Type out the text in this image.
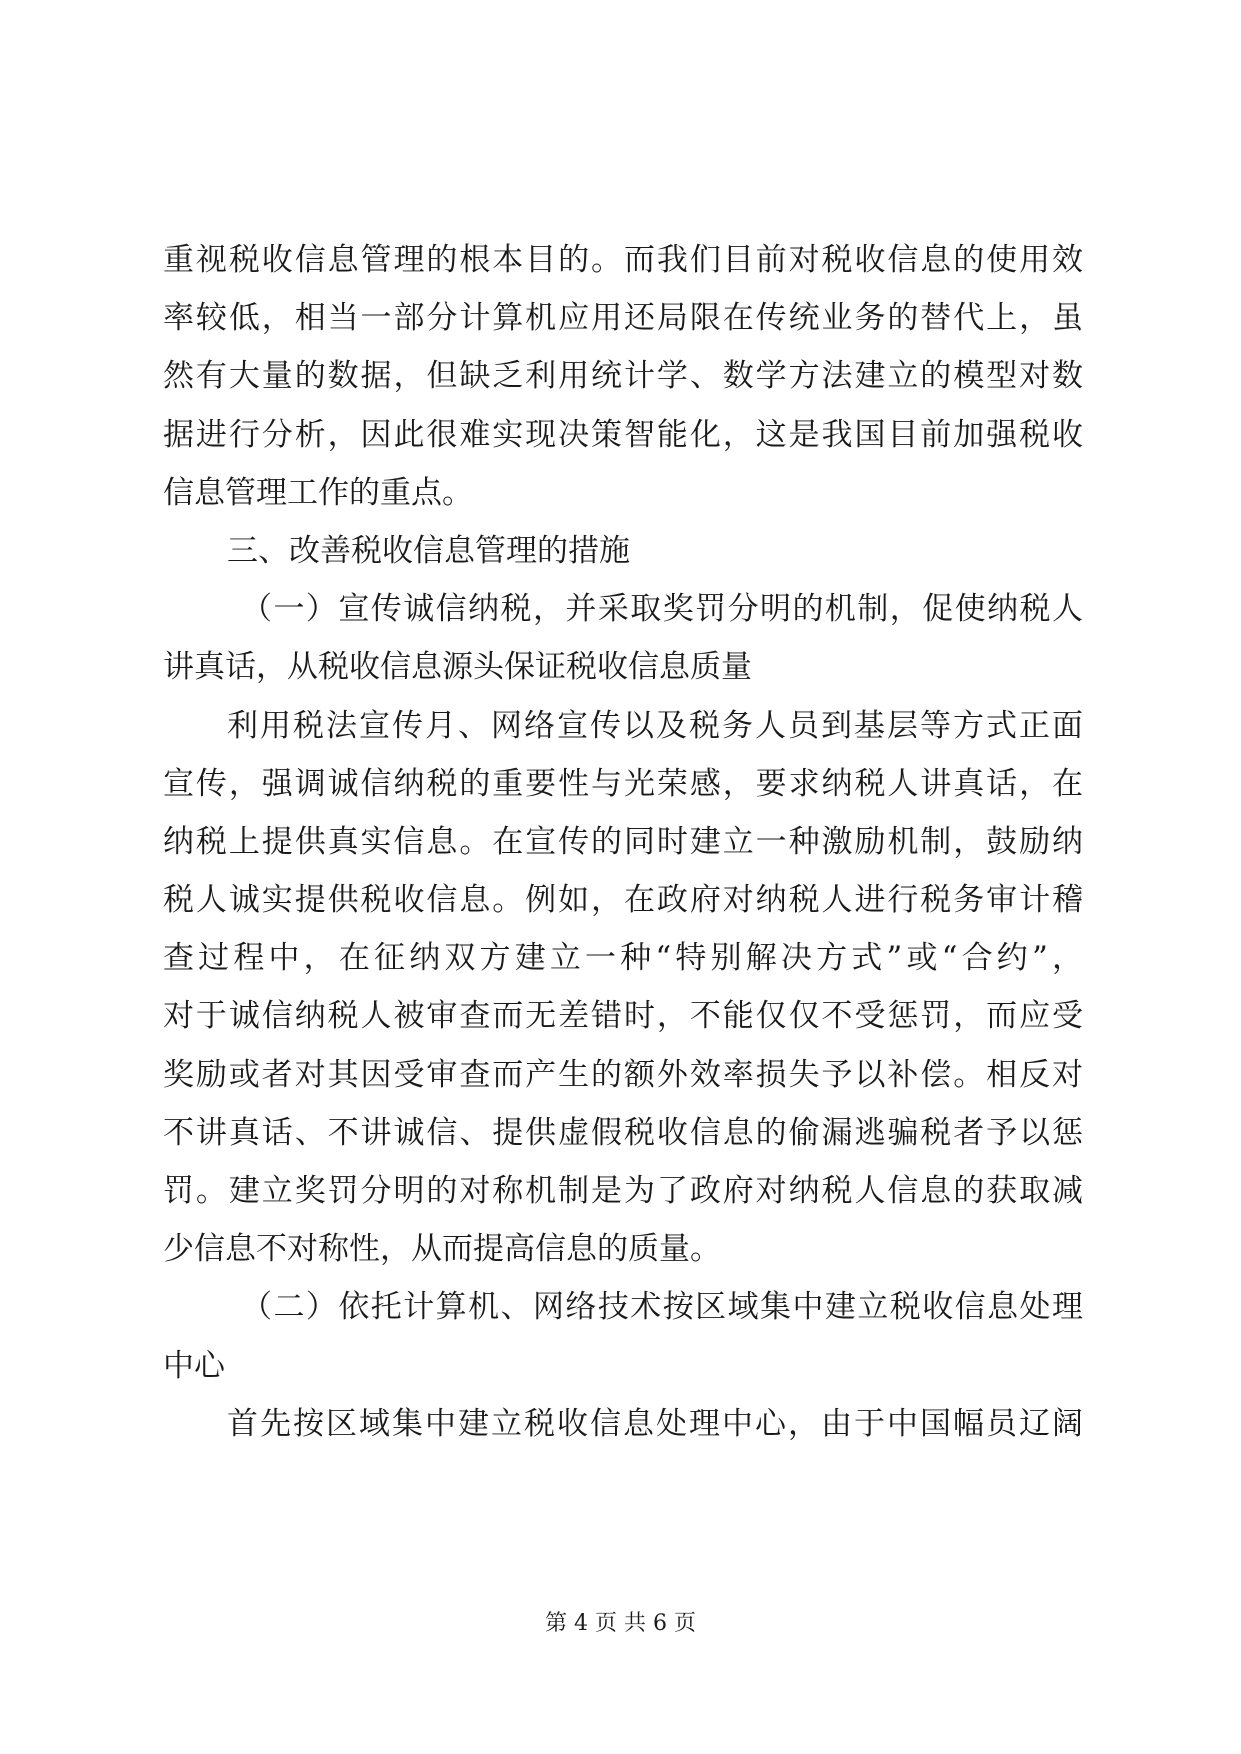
重视税收信息管理的根本目的。而我们目前对税收信息的使用效
率较低，相当一部分计算机应用还局限在传统业务的替代上，虽
然有大量的数据，但缺乏利用统计学、数学方法建立的模型对数
据进行分析，因此很难实现决策智能化，这是我国目前加强税收
信息管理工作的重点。
三、改善税收信息管理的措施
（一）宣传诚信纳税，并采取奖罚分明的机制，促使纳税人
讲真话，从税收信息源头保证税收信息质量
利用税法宣传月、网络宣传以及税务人员到基层等方式正面
宣传，强调诚信纳税的重要性与光荣感，要求纳税人讲真话，在
纳税上提供真实信息。在宣传的同时建立一种激励机制，鼓励纳
税人诚实提供税收信息。例如，在政府对纳税人进行税务审计稽
查过程中，在征纳双方建立一种“特别解决方式”或“合约”，
对于诚信纳税人被审查而无差错时，不能仅仅不受惩罚，而应受
奖励或者对其因受审查而产生的额外效率损失予以补偿。相反对
不讲真话、不讲诚信、提供虚假税收信息的偷漏逃骗税者予以惩
罚。建立奖罚分明的对称机制是为了政府对纳税人信息的获取减
少信息不对称性，从而提高信息的质量。
（二）依托计算机、网络技术按区域集中建立税收信息处理
中心
首先按区域集中建立税收信息处理中心，由于中国幅员辽阔
第 4 页 共 6 页
